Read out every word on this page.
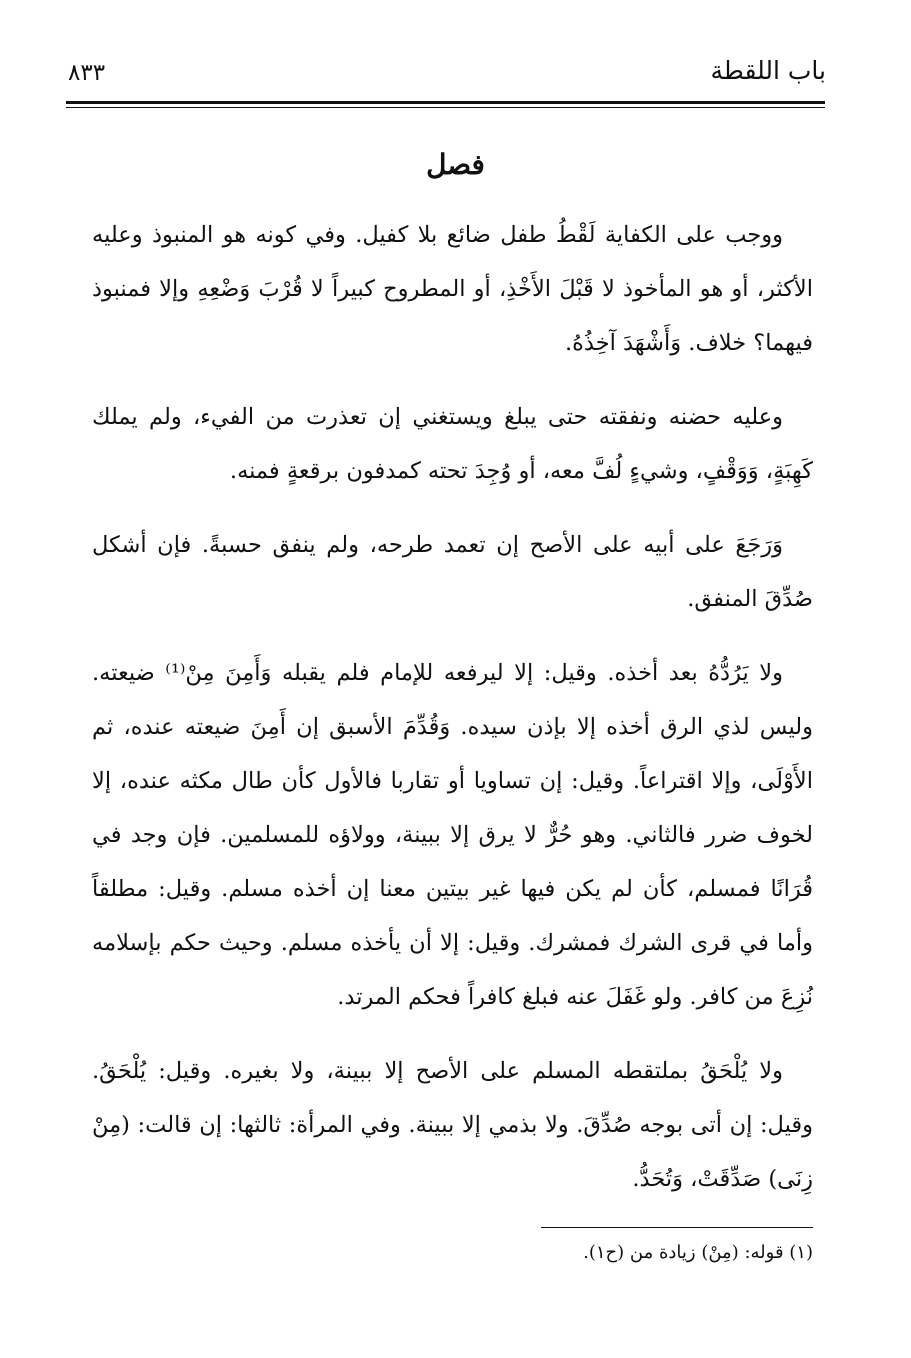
باب اللقطة
٨٣٣
فصل

ووجب على الكفاية لَقْطُ طفل ضائع بلا كفيل. وفي كونه هو المنبوذ وعليه الأكثر، أو هو المأخوذ لا قَبْلَ الأَخْذِ، أو المطروح كبيراً لا قُرْبَ وَضْعِهِ وإلا فمنبوذ فيهما؟ خلاف. وَأَشْهَدَ آخِذُهُ.

وعليه حضنه ونفقته حتى يبلغ ويستغني إن تعذرت من الفيء، ولم يملك كَهِبَةٍ، وَوَقْفٍ، وشيءٍ لُفَّ معه، أو وُجِدَ تحته كمدفون برقعةٍ فمنه.

وَرَجَعَ على أبيه على الأصح إن تعمد طرحه، ولم ينفق حسبةً. فإن أشكل صُدِّقَ المنفق.

ولا يَرُدُّهُ بعد أخذه. وقيل: إلا ليرفعه للإمام فلم يقبله وَأَمِنَ مِنْ⁽¹⁾ ضيعته. وليس لذي الرق أخذه إلا بإذن سيده. وَقُدِّمَ الأسبق إن أَمِنَ ضيعته عنده، ثم الأَوْلَى، وإلا اقتراعاً. وقيل: إن تساويا أو تقاربا فالأول كأن طال مكثه عنده، إلا لخوف ضرر فالثاني. وهو حُرٌّ لا يرق إلا ببينة، وولاؤه للمسلمين. فإن وجد في قُرَانًا فمسلم، كأن لم يكن فيها غير بيتين معنا إن أخذه مسلم. وقيل: مطلقاً وأما في قرى الشرك فمشرك. وقيل: إلا أن يأخذه مسلم. وحيث حكم بإسلامه نُزِعَ من كافر. ولو غَفَلَ عنه فبلغ كافراً فحكم المرتد.

ولا يُلْحَقُ بملتقطه المسلم على الأصح إلا ببينة، ولا بغيره. وقيل: يُلْحَقُ. وقيل: إن أتى بوجه صُدِّقَ. ولا بذمي إلا ببينة. وفي المرأة: ثالثها: إن قالت: (مِنْ زِنَى) صَدِّقَتْ، وَتُحَدُّ.

(١) قوله: (مِنْ) زيادة من (ح١).
